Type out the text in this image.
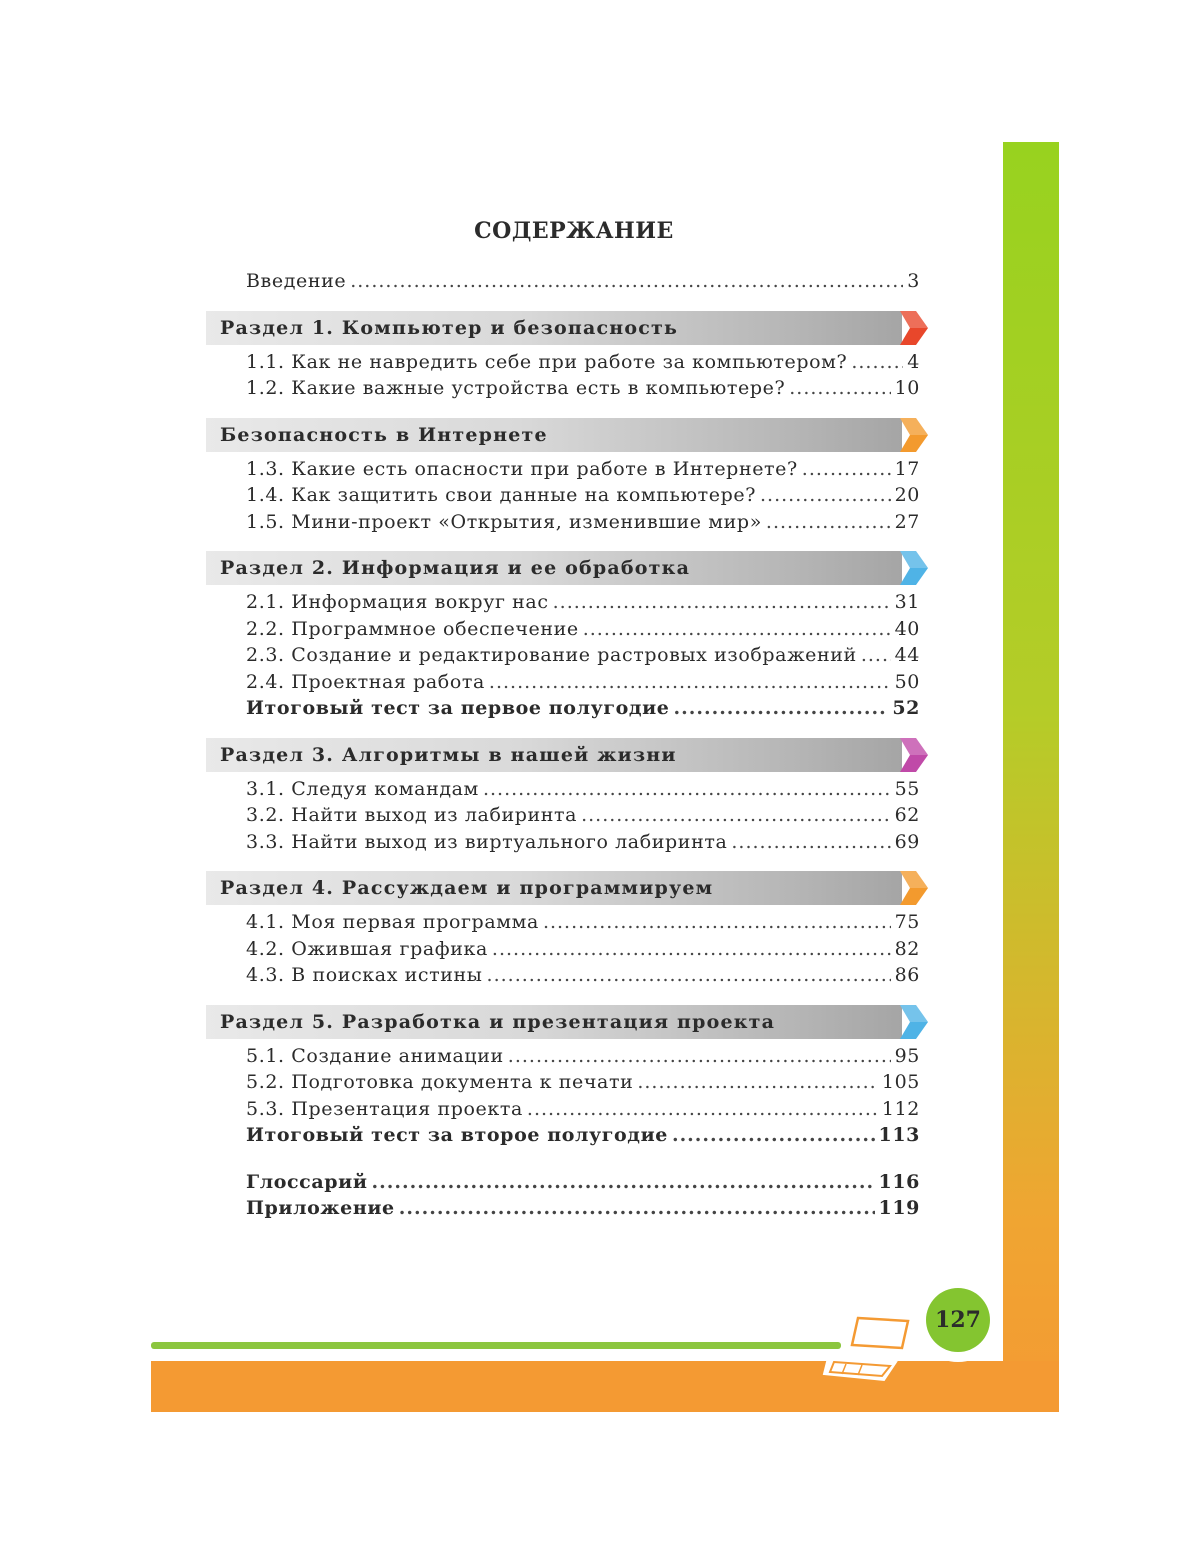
127
СОДЕРЖАНИЕ
Введение .....	3
Раздел 1. Компьютер и безопасность
1.1. Как не навредить себе при работе за компьютером? .....	4
1.2. Какие важные устройства есть в компьютере? .....	10
Безопасность в Интернете
1.3. Какие есть опасности при работе в Интернете? .....	17
1.4. Как защитить свои данные на компьютере? .....	20
1.5. Мини-проект «Открытия, изменившие мир» .....	27
Раздел 2. Информация и ее обработка
2.1. Информация вокруг нас .....	31
2.2. Программное обеспечение .....	40
2.3. Создание и редактирование растровых изображений ..... 44
2.4. Проектная работа .....	50
Итоговый тест за первое полугодие .....	52
Раздел 3. Алгоритмы в нашей жизни
3.1. Следуя командам .....	55
3.2. Найти выход из лабиринта .....	62
3.3. Найти выход из виртуального лабиринта .....	69
Раздел 4. Рассуждаем и программируем
4.1. Моя первая программа .....	75
4.2. Ожившая графика .....	82
4.3. В поисках истины .....	86
Раздел 5. Разработка и презентация проекта
5.1. Создание анимации .....	95
5.2. Подготовка документа к печати .....	105
5.3. Презентация проекта .....	112
Итоговый тест за второе полугодие .....	113
Глоссарий .....	116
Приложение .....	119
